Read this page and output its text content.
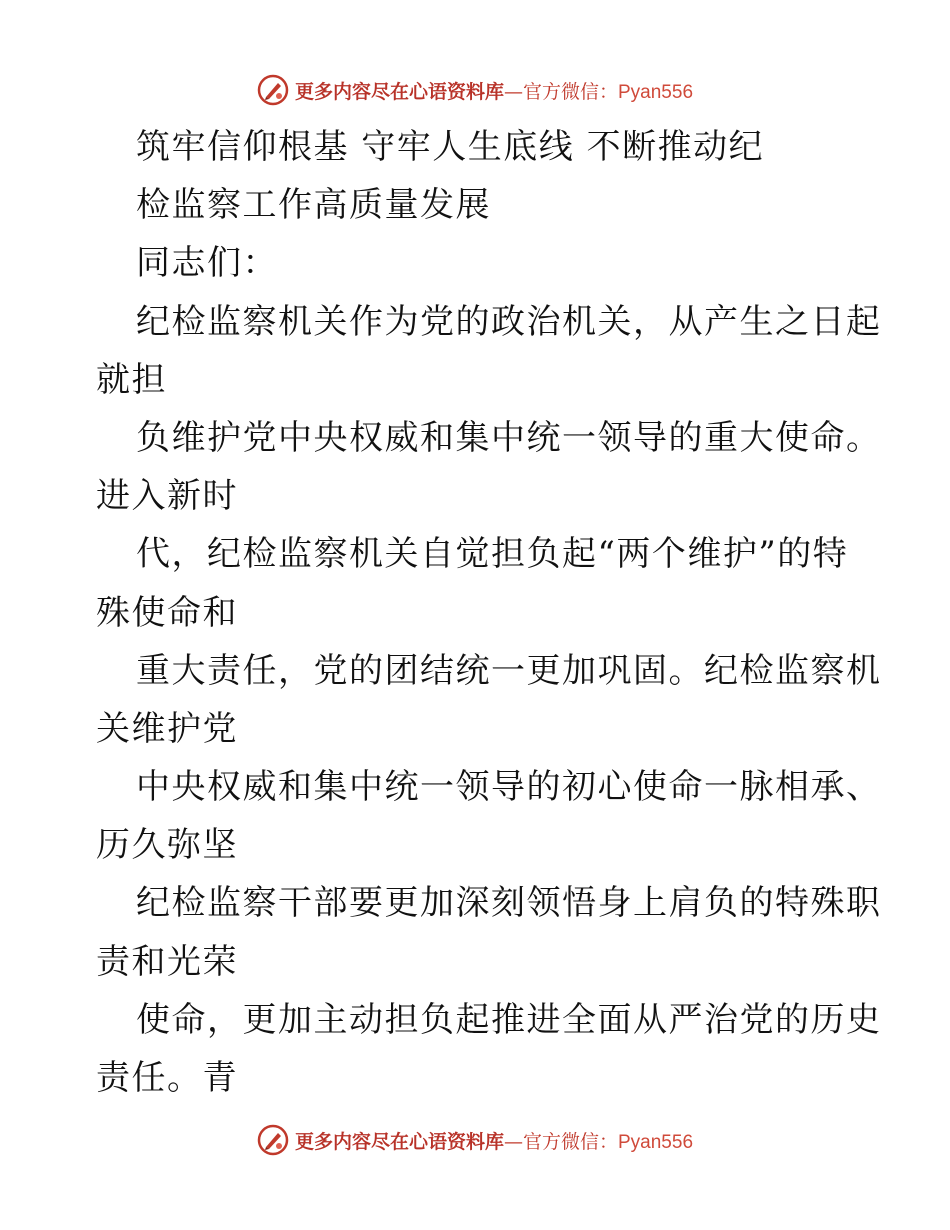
更多内容尽在心语资料库—官方微信：Pyan556
筑牢信仰根基 守牢人生底线 不断推动纪
检监察工作高质量发展
同志们：
纪检监察机关作为党的政治机关，从产生之日起
就担
负维护党中央权威和集中统一领导的重大使命。
进入新时
代，纪检监察机关自觉担负起“两个维护”的特
殊使命和
重大责任，党的团结统一更加巩固。纪检监察机
关维护党
中央权威和集中统一领导的初心使命一脉相承、
历久弥坚
纪检监察干部要更加深刻领悟身上肩负的特殊职
责和光荣
使命，更加主动担负起推进全面从严治党的历史
责任。青
更多内容尽在心语资料库—官方微信：Pyan556
